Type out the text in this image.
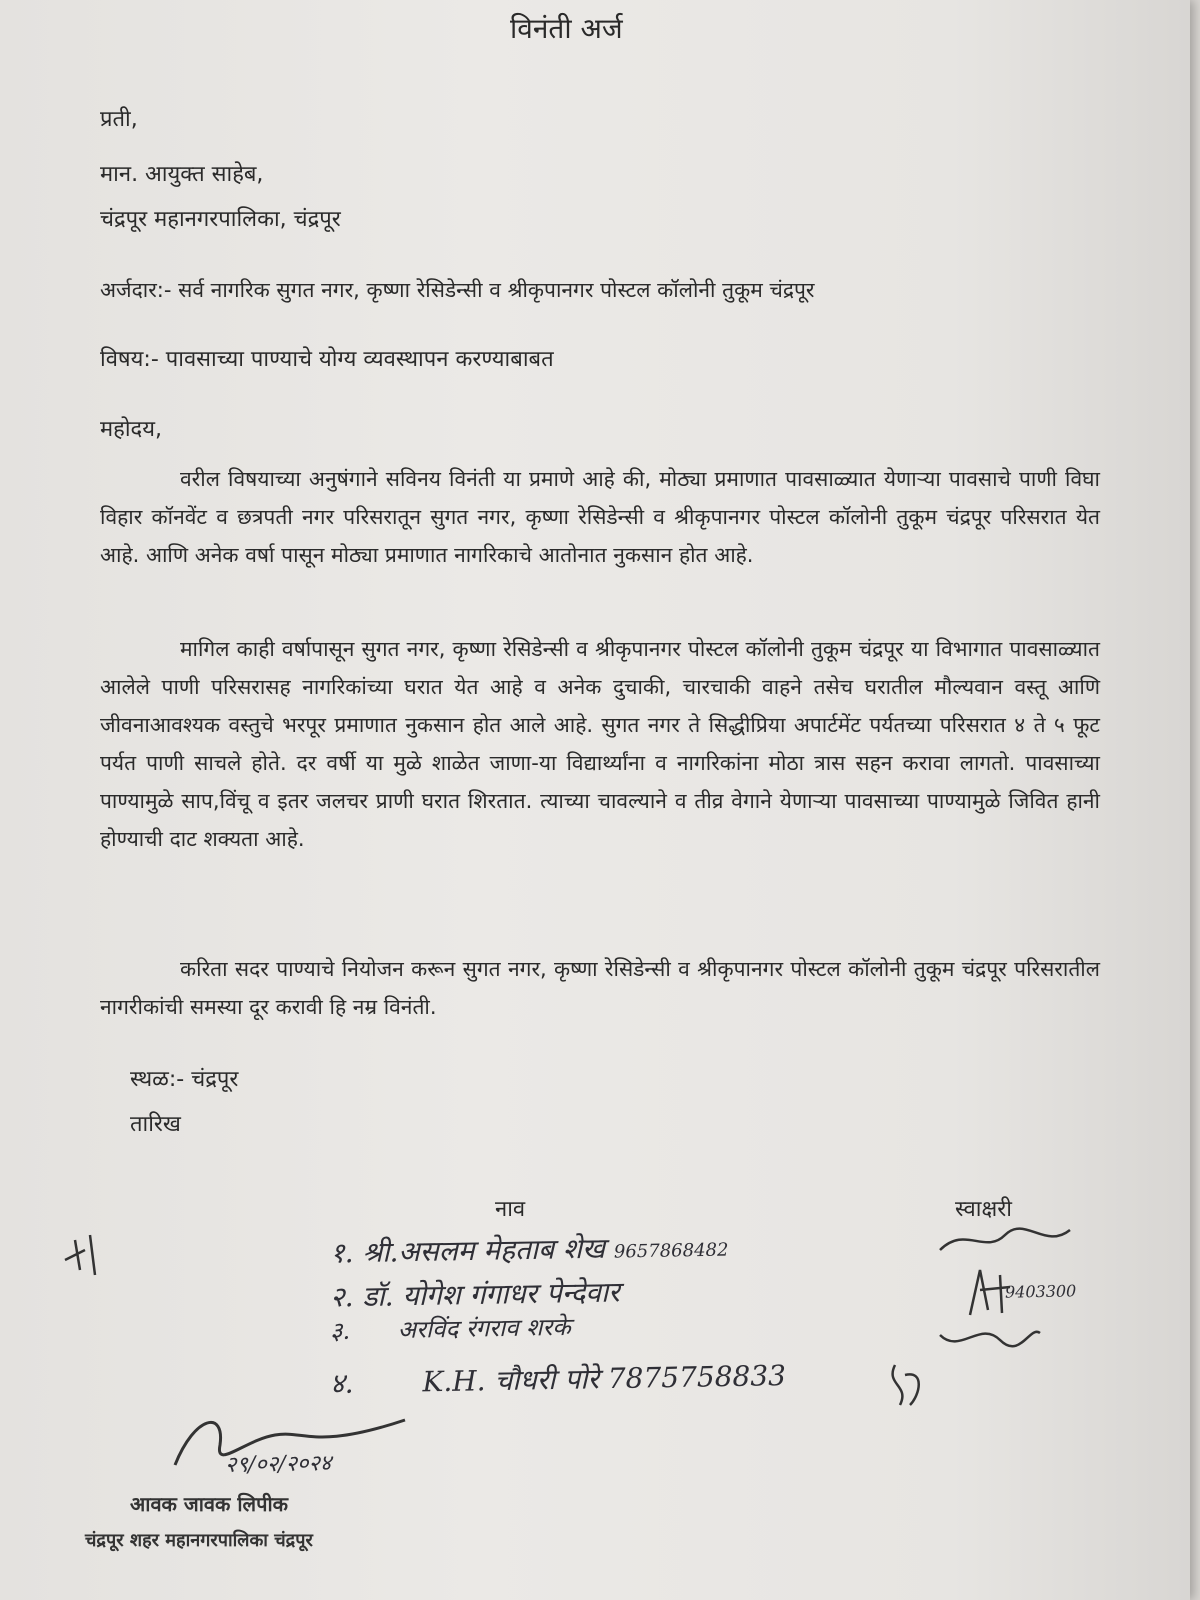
विनंती अर्ज
प्रती,
मान. आयुक्त साहेब,
चंद्रपूर महानगरपालिका, चंद्रपूर
अर्जदार:- सर्व नागरिक सुगत नगर, कृष्णा रेसिडेन्सी व श्रीकृपानगर पोस्टल कॉलोनी तुकूम चंद्रपूर
विषय:- पावसाच्या पाण्याचे योग्य व्यवस्थापन करण्याबाबत
महोदय,
वरील विषयाच्या अनुषंगाने सविनय विनंती या प्रमाणे आहे की, मोठ्या प्रमाणात पावसाळ्यात येणाऱ्या पावसाचे पाणी विघा विहार कॉनवेंट व छत्रपती नगर परिसरातून सुगत नगर, कृष्णा रेसिडेन्सी व श्रीकृपानगर पोस्टल कॉलोनी तुकूम चंद्रपूर परिसरात येत आहे. आणि अनेक वर्षा पासून मोठ्या प्रमाणात नागरिकाचे आतोनात नुकसान होत आहे.
मागिल काही वर्षापासून सुगत नगर, कृष्णा रेसिडेन्सी व श्रीकृपानगर पोस्टल कॉलोनी तुकूम चंद्रपूर या विभागात पावसाळ्यात आलेले पाणी परिसरासह नागरिकांच्या घरात येत आहे व अनेक दुचाकी, चारचाकी वाहने तसेच घरातील मौल्यवान वस्तू आणि जीवनाआवश्यक वस्तुचे भरपूर प्रमाणात नुकसान होत आले आहे. सुगत नगर ते सिद्धीप्रिया अपार्टमेंट पर्यतच्या परिसरात ४ ते ५ फूट पर्यत पाणी साचले होते. दर वर्षी या मुळे शाळेत जाणा-या विद्यार्थ्यांना व नागरिकांना मोठा त्रास सहन करावा लागतो. पावसाच्या पाण्यामुळे साप,विंचू व इतर जलचर प्राणी घरात शिरतात. त्याच्या चावल्याने व तीव्र वेगाने येणाऱ्या पावसाच्या पाण्यामुळे जिवित हानी होण्याची दाट शक्यता आहे.
करिता सदर पाण्याचे नियोजन करून सुगत नगर, कृष्णा रेसिडेन्सी व श्रीकृपानगर पोस्टल कॉलोनी तुकूम चंद्रपूर परिसरातील नागरीकांची समस्या दूर करावी हि नम्र विनंती.
स्थळ:- चंद्रपूर
तारिख
नाव	स्वाक्षरी
१. श्री.असलम मेहताब शेख 9657868482
२. डॉ. योगेश गंगाधर पेन्देवार	9403300
३. अरविंद रंगराव शरके
४. K.H. चौधरी पोरे 7875758833
२९/०२/२०२४
आवक जावक लिपीक
चंद्रपूर शहर महानगरपालिका चंद्रपूर
